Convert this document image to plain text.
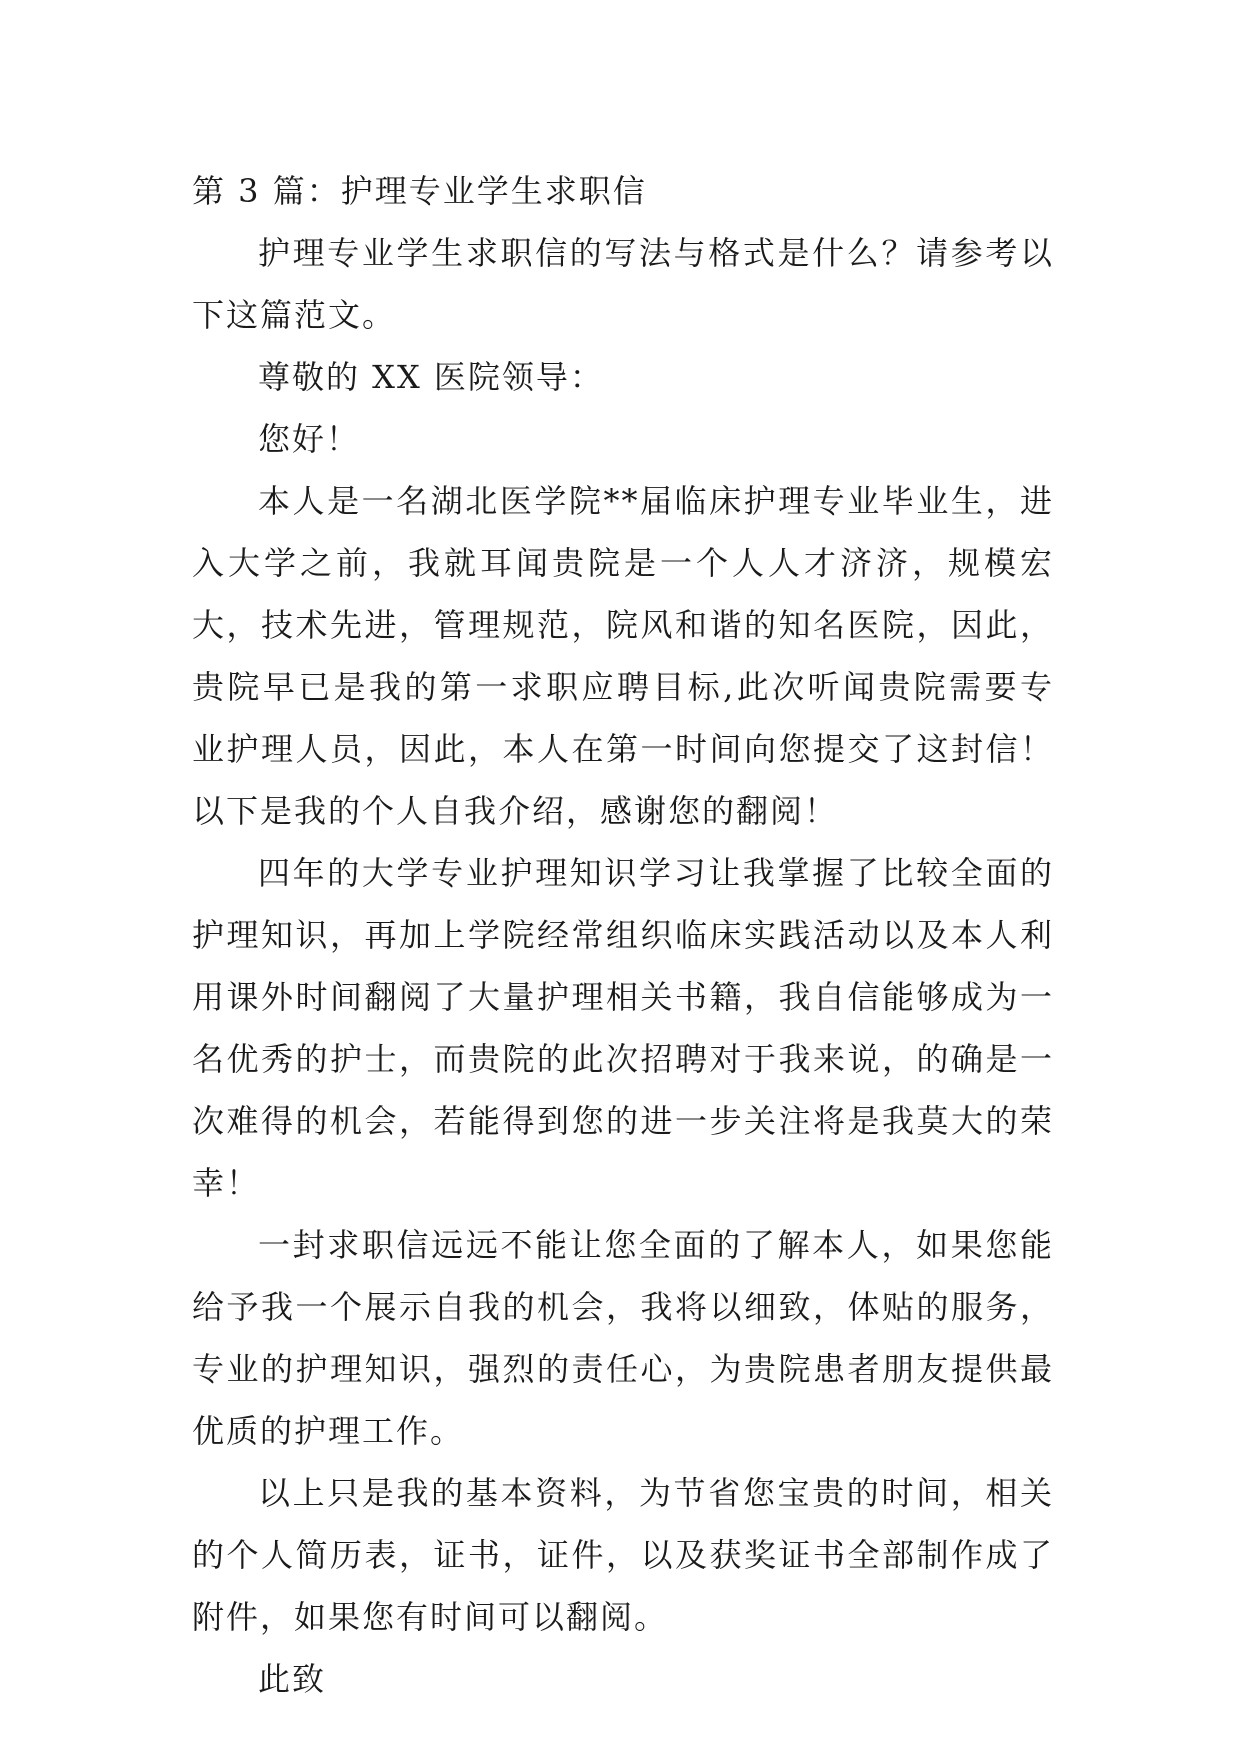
第 3 篇：护理专业学生求职信

护理专业学生求职信的写法与格式是什么？请参考以下这篇范文。

尊敬的 XX 医院领导：

您好！

本人是一名湖北医学院**届临床护理专业毕业生，进入大学之前，我就耳闻贵院是一个人人才济济，规模宏大，技术先进，管理规范，院风和谐的知名医院，因此，贵院早已是我的第一求职应聘目标,此次听闻贵院需要专业护理人员，因此，本人在第一时间向您提交了这封信！以下是我的个人自我介绍，感谢您的翻阅！

四年的大学专业护理知识学习让我掌握了比较全面的护理知识，再加上学院经常组织临床实践活动以及本人利用课外时间翻阅了大量护理相关书籍，我自信能够成为一名优秀的护士，而贵院的此次招聘对于我来说，的确是一次难得的机会，若能得到您的进一步关注将是我莫大的荣幸！

一封求职信远远不能让您全面的了解本人，如果您能给予我一个展示自我的机会，我将以细致，体贴的服务，专业的护理知识，强烈的责任心，为贵院患者朋友提供最优质的护理工作。

以上只是我的基本资料，为节省您宝贵的时间，相关的个人简历表，证书，证件，以及获奖证书全部制作成了附件，如果您有时间可以翻阅。

此致
